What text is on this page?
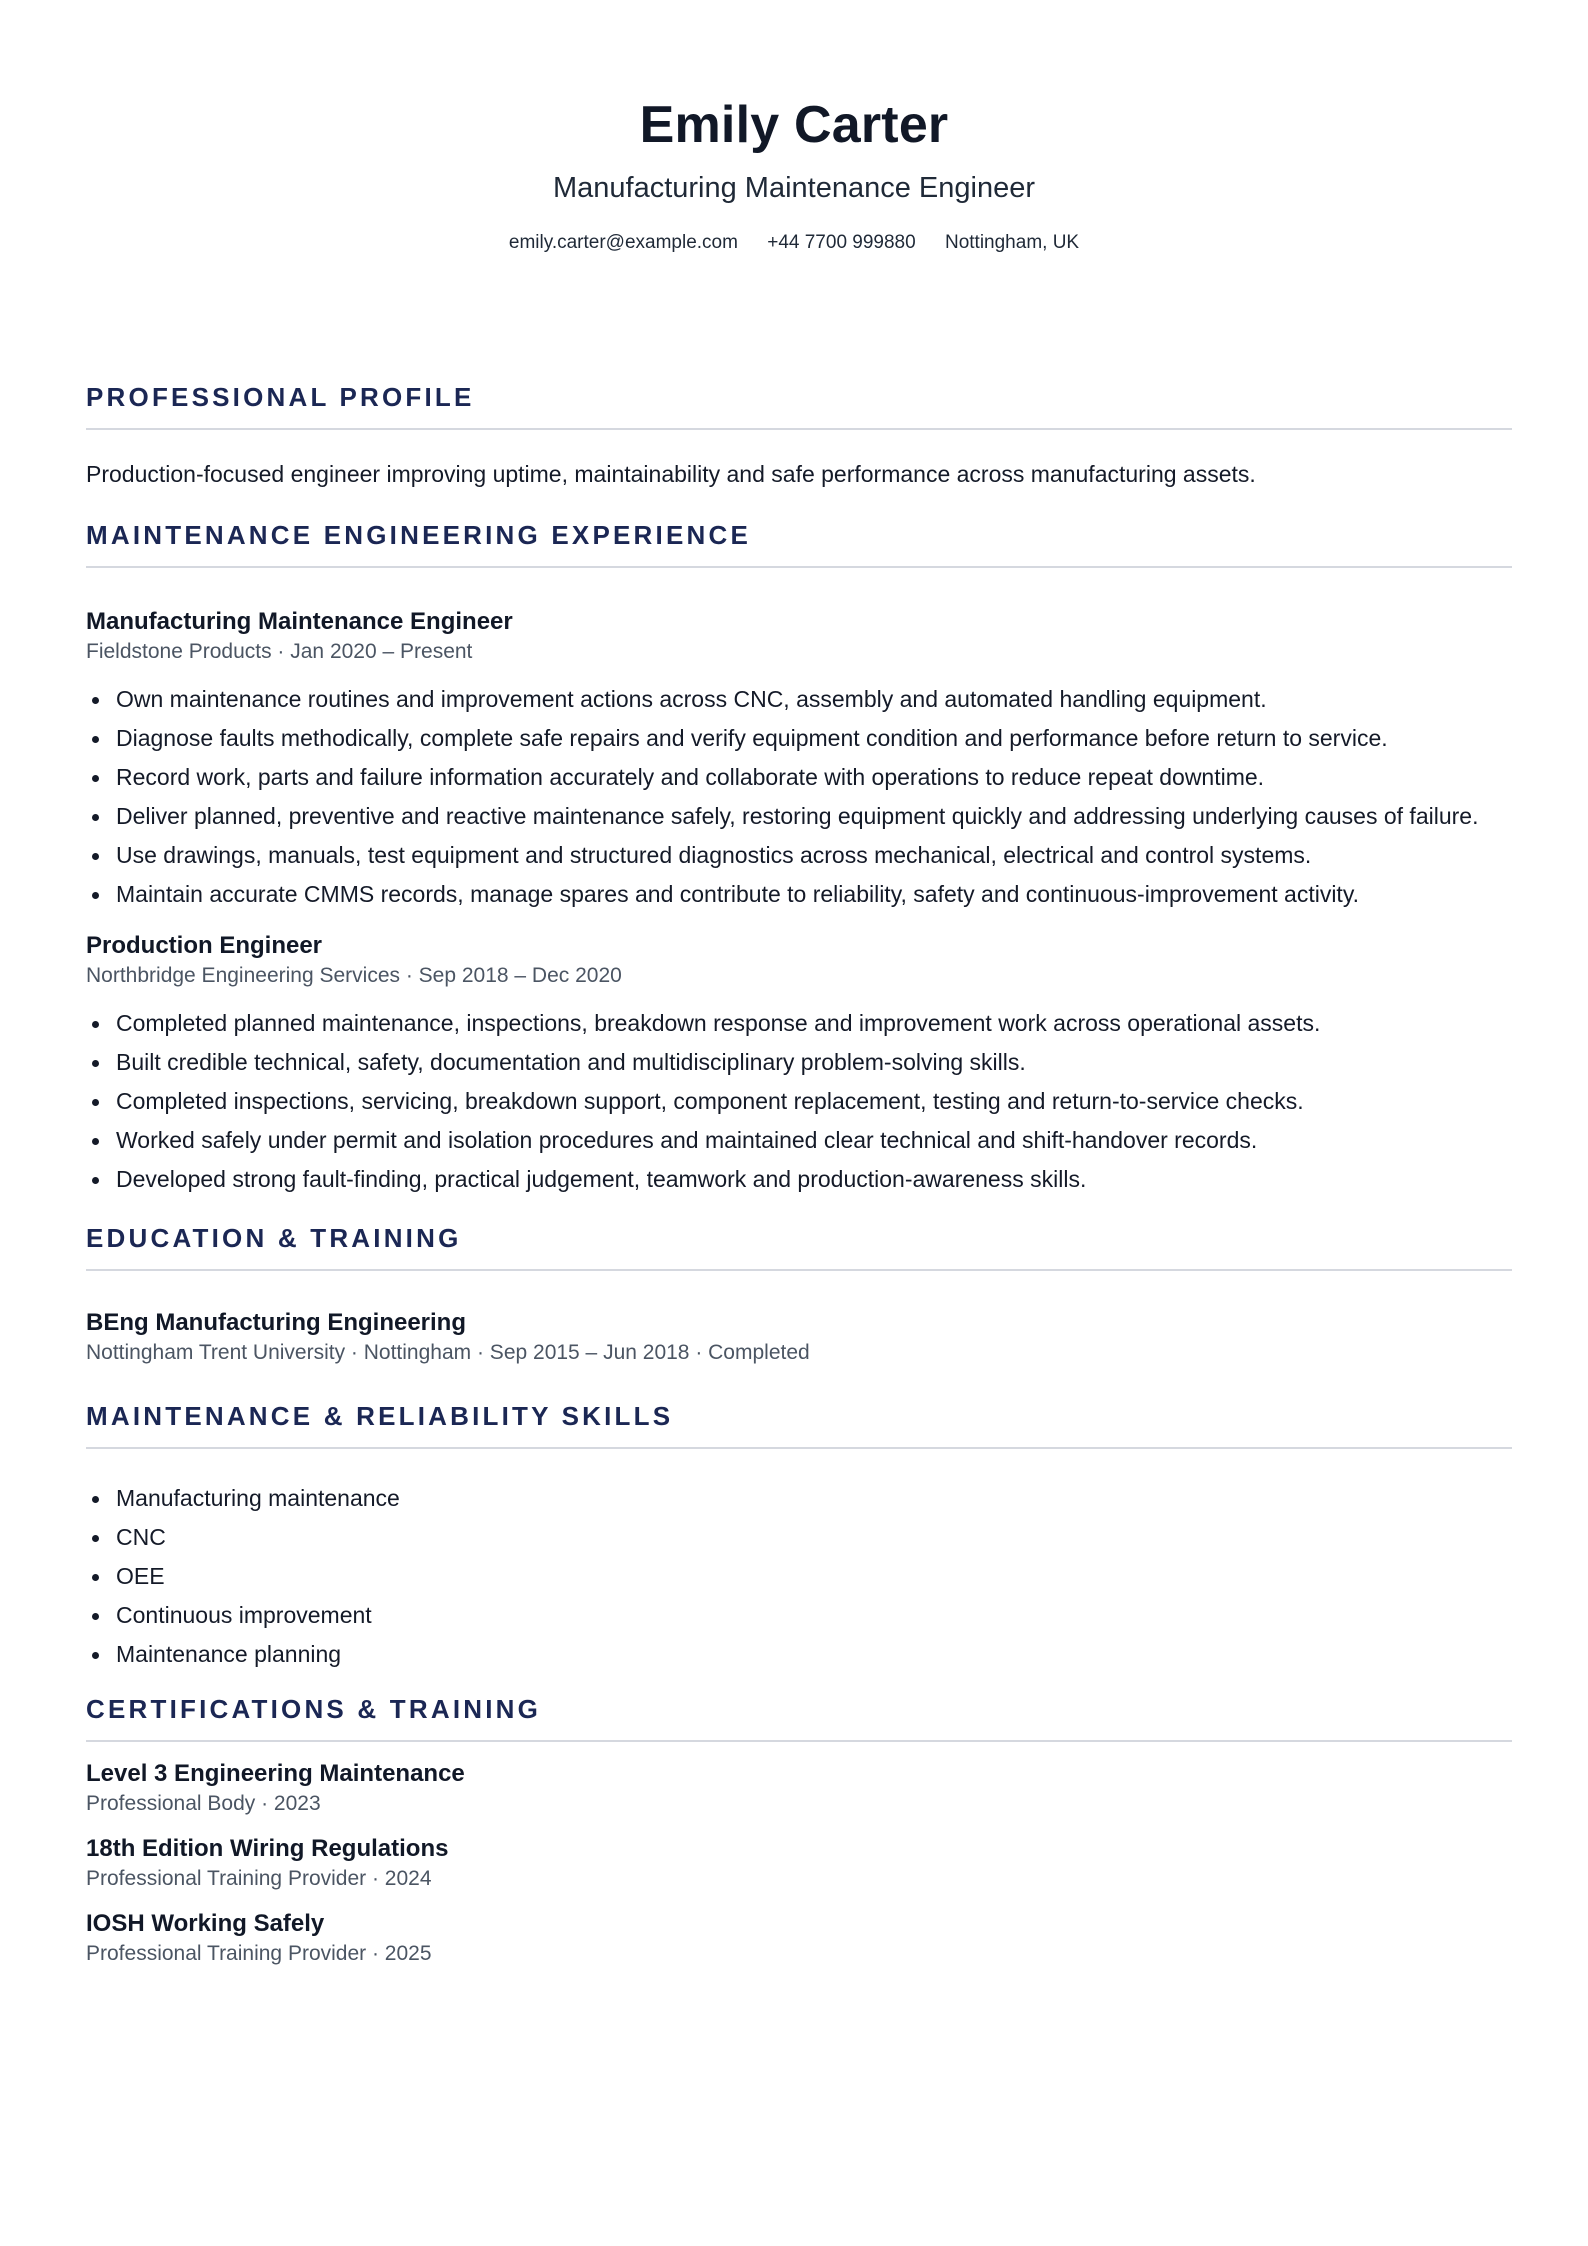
Emily Carter
Manufacturing Maintenance Engineer
emily.carter@example.com +44 7700 999880 Nottingham, UK
PROFESSIONAL PROFILE
Production-focused engineer improving uptime, maintainability and safe performance across manufacturing assets.
MAINTENANCE ENGINEERING EXPERIENCE
Manufacturing Maintenance Engineer
Fieldstone Products · Jan 2020 – Present
Own maintenance routines and improvement actions across CNC, assembly and automated handling equipment.
Diagnose faults methodically, complete safe repairs and verify equipment condition and performance before return to service.
Record work, parts and failure information accurately and collaborate with operations to reduce repeat downtime.
Deliver planned, preventive and reactive maintenance safely, restoring equipment quickly and addressing underlying causes of failure.
Use drawings, manuals, test equipment and structured diagnostics across mechanical, electrical and control systems.
Maintain accurate CMMS records, manage spares and contribute to reliability, safety and continuous-improvement activity.
Production Engineer
Northbridge Engineering Services · Sep 2018 – Dec 2020
Completed planned maintenance, inspections, breakdown response and improvement work across operational assets.
Built credible technical, safety, documentation and multidisciplinary problem-solving skills.
Completed inspections, servicing, breakdown support, component replacement, testing and return-to-service checks.
Worked safely under permit and isolation procedures and maintained clear technical and shift-handover records.
Developed strong fault-finding, practical judgement, teamwork and production-awareness skills.
EDUCATION & TRAINING
BEng Manufacturing Engineering
Nottingham Trent University · Nottingham · Sep 2015 – Jun 2018 · Completed
MAINTENANCE & RELIABILITY SKILLS
Manufacturing maintenance
CNC
OEE
Continuous improvement
Maintenance planning
CERTIFICATIONS & TRAINING
Level 3 Engineering Maintenance
Professional Body · 2023
18th Edition Wiring Regulations
Professional Training Provider · 2024
IOSH Working Safely
Professional Training Provider · 2025
